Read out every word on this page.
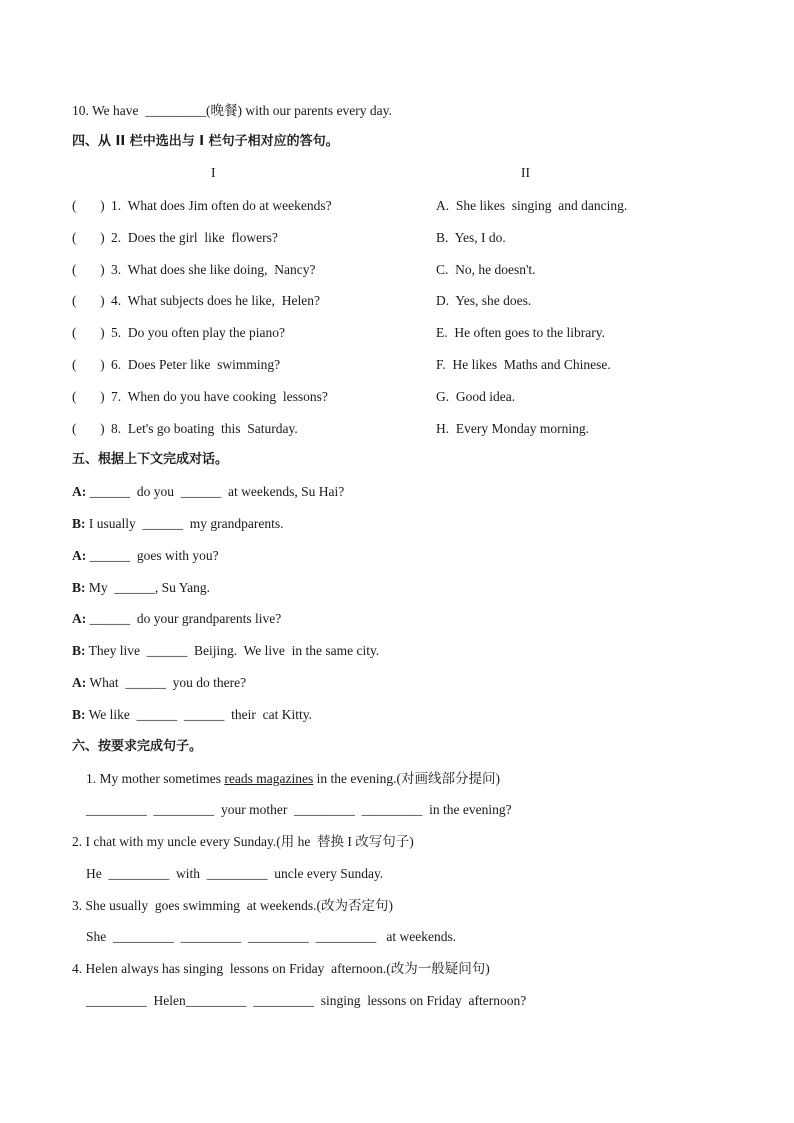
10. We have  _________(晚餐) with our parents every day.
四、从 II 栏中选出与 I 栏句子相对应的答句。
I	II
(       ) 1.  What does Jim often do at weekends?	A.  She likes  singing  and dancing.
(       ) 2.  Does the girl  like  flowers?	B.  Yes, I do.
(       ) 3.  What does she like doing,  Nancy?	C.  No, he doesn't.
(       ) 4.  What subjects does he like,  Helen?	D.  Yes, she does.
(       ) 5.  Do you often play the piano?	E.  He often goes to the library.
(       ) 6.  Does Peter like  swimming?	F.  He likes  Maths and Chinese.
(       ) 7.  When do you have cooking  lessons?	G.  Good idea.
(       ) 8.  Let's go boating  this  Saturday.	H.  Every Monday morning.
五、根据上下文完成对话。
A: ______  do you  ______  at weekends, Su Hai?
B: I usually  ______  my grandparents.
A: ______  goes with you?
B: My  ______, Su Yang.
A: ______  do your grandparents live?
B: They live  ______  Beijing.  We live  in the same city.
A: What  ______  you do there?
B: We like  ______  ______  their  cat Kitty.
六、按要求完成句子。
1. My mother sometimes reads magazines in the evening.(对画线部分提问)
_________  _________  your mother  _________  _________  in the evening?
2. I chat with my uncle every Sunday.(用 he  替换 I 改写句子)
He  _________  with  _________  uncle every Sunday.
3. She usually  goes swimming  at weekends.(改为否定句)
She  _________  _________  _________  _________   at weekends.
4. Helen always has singing  lessons on Friday  afternoon.(改为一般疑问句)
_________  Helen_________  _________  singing  lessons on Friday  afternoon?
